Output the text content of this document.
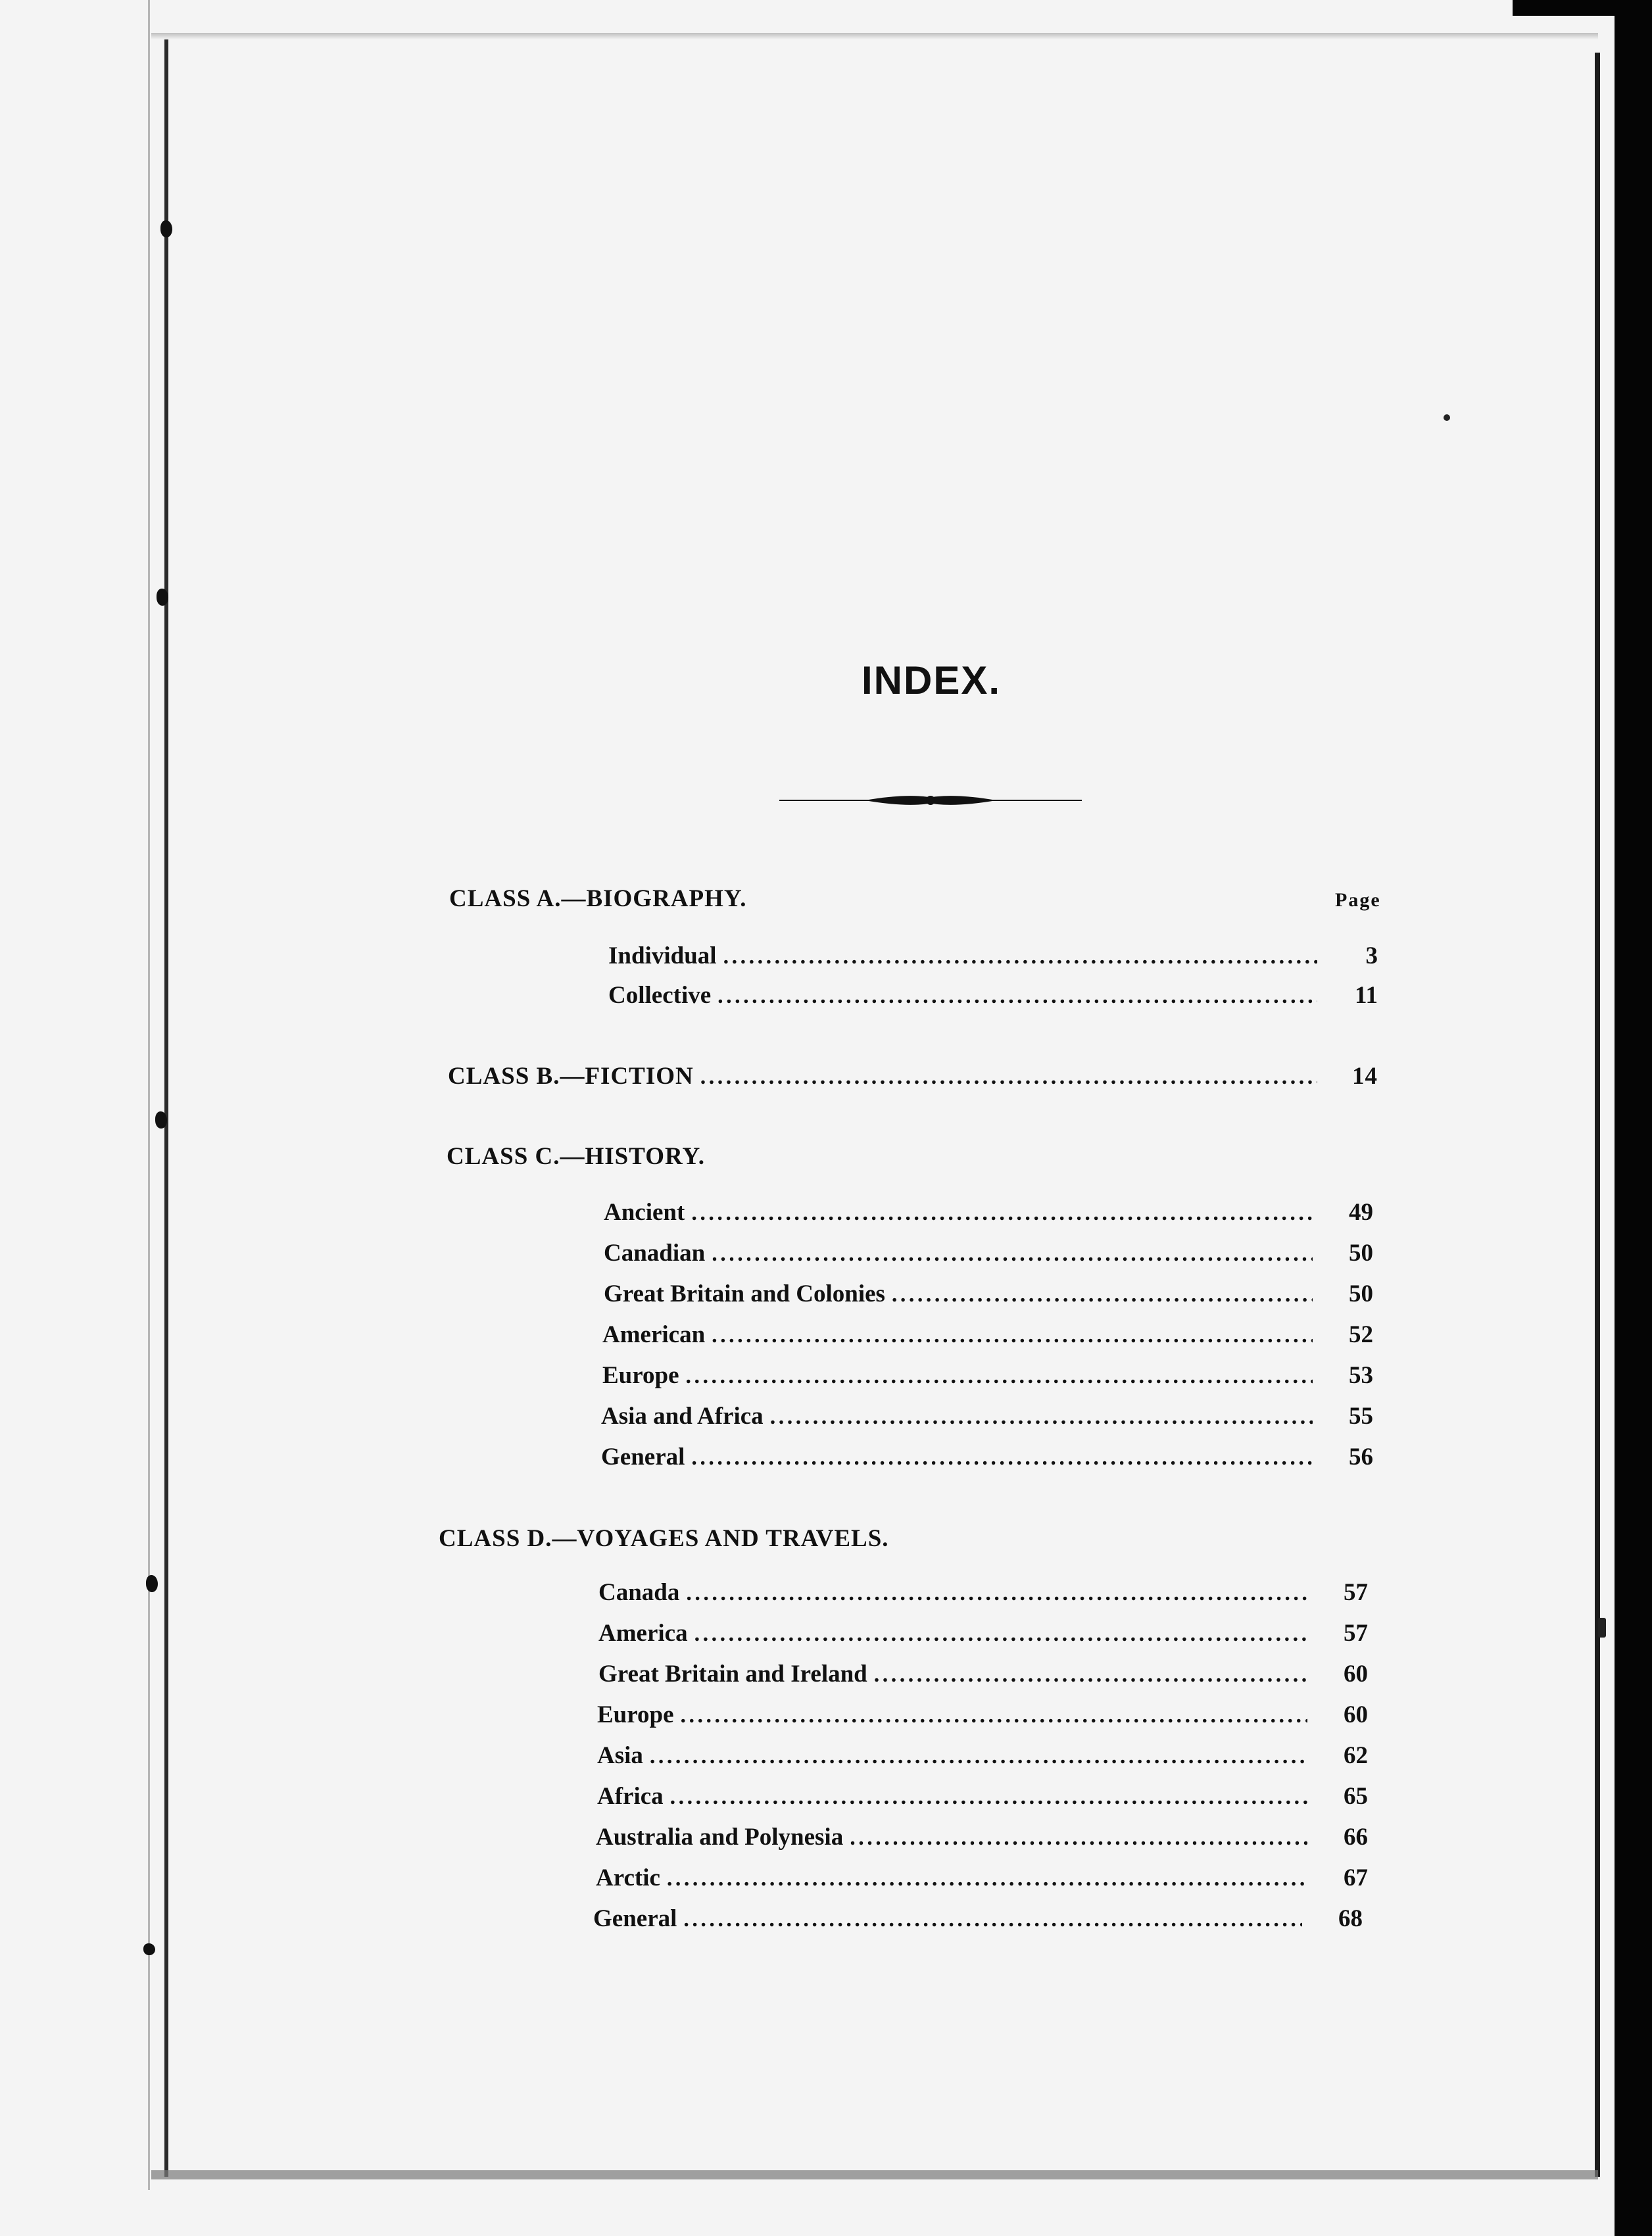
INDEX.
Page
CLASS A.—BIOGRAPHY.
Individual . . .	3
Collective . . .	11
CLASS B.—FICTION . . .	14
CLASS C.—HISTORY.
Ancient . . .	49
Canadian . . .	50
Great Britain and Colonies . . .	50
American . . .	52
Europe . . .	53
Asia and Africa . . .	55
General . . .	56
CLASS D.—VOYAGES AND TRAVELS.
Canada . . .	57
America . . .	57
Great Britain and Ireland . . .	60
Europe . . .	60
Asia . . .	62
Africa . . .	65
Australia and Polynesia . . .	66
Arctic . . .	67
General . . .	68
